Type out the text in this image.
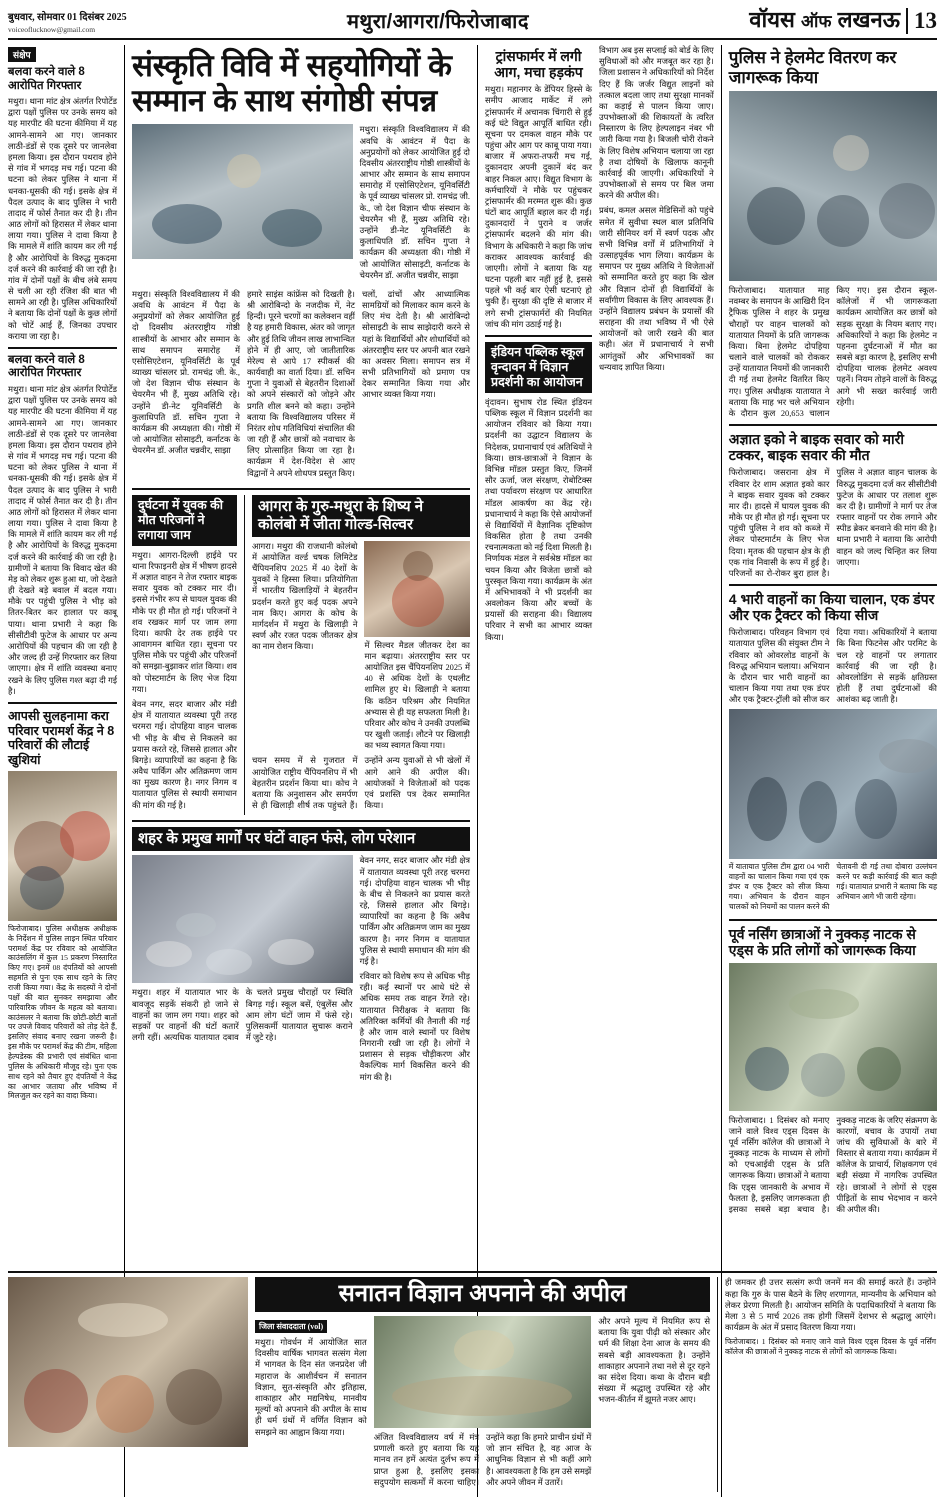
बुधवार, सोमवार 01 दिसंबर 2025
voiceoflucknow@gmail.com	मथुरा/आगरा/फिरोजाबाद	वॉयस ऑफ लखनऊ 13
संक्षेप
बलवा करने वाले 8 आरोपित गिरफ्तार

मथुरा। थाना मांट क्षेत्र अंतर्गत रिपोर्टेड द्वारा पक्षों पुलिस पर उनके समय को यह मारपीट की घटना कीमिया में यह आमने-सामने आ गए। जानकार लाठी-डंडों से एक दूसरे पर जानलेवा हमला किया। इस दौरान पथराव होने से गांव में भगदड़ मच गई। पटना की घटना को लेकर पुलिस ने थाना में धनका-धूसकी की गई। इसके क्षेत्र में पैदल उत्पाद के बाद पुलिस ने भारी तादाद में फोर्स तैनात कर दी है। तीन आठ लोगों को हिरासत में लेकर थाना लाया गया। पुलिस ने दावा किया है कि मामले में शांति कायम कर ली गई है और आरोपियों के विरुद्ध मुकदमा दर्ज करने की कार्रवाई की जा रही है। गांव में दोनों पक्षों के बीच लंबे समय से चली आ रही रंजिश की बात भी सामने आ रही है। पुलिस अधिकारियों ने बताया कि दोनों पक्षों के कुछ लोगों को चोटें आई हैं, जिनका उपचार कराया जा रहा है।

बलवा करने वाले 8 आरोपित गिरफ्तार

मथुरा। थाना मांट क्षेत्र अंतर्गत रिपोर्टेड द्वारा पक्षों पुलिस पर उनके समय को यह मारपीट की घटना कीमिया में यह आमने-सामने आ गए। जानकार लाठी-डंडों से एक दूसरे पर जानलेवा हमला किया। इस दौरान पथराव होने से गांव में भगदड़ मच गई। पटना की घटना को लेकर पुलिस ने थाना में धनका-धूसकी की गई। इसके क्षेत्र में पैदल उत्पाद के बाद पुलिस ने भारी तादाद में फोर्स तैनात कर दी है। तीन आठ लोगों को हिरासत में लेकर थाना लाया गया। पुलिस ने दावा किया है कि मामले में शांति कायम कर ली गई है और आरोपियों के विरुद्ध मुकदमा दर्ज करने की कार्रवाई की जा रही है। ग्रामीणों ने बताया कि विवाद खेत की मेड़ को लेकर शुरू हुआ था, जो देखते ही देखते बड़े बवाल में बदल गया। मौके पर पहुंची पुलिस ने भीड़ को तितर-बितर कर हालात पर काबू पाया। थाना प्रभारी ने कहा कि सीसीटीवी फुटेज के आधार पर अन्य आरोपियों की पहचान की जा रही है और जल्द ही उन्हें गिरफ्तार कर लिया जाएगा। क्षेत्र में शांति व्यवस्था बनाए रखने के लिए पुलिस गश्त बढ़ा दी गई है।

आपसी सुलहनामा करा परिवार परामर्श केंद्र ने 8 परिवारों की लौटाई खुशियां

फिरोजाबाद। पुलिस अधीक्षक अधीक्षक के निर्देशन में पुलिस लाइन स्थित परिवार परामर्श केंद्र पर रविवार को आयोजित काउंसलिंग में कुल 15 प्रकरण निस्तारित किए गए। इनमें 08 दंपतियों को आपसी सहमति से पुनः एक साथ रहने के लिए राजी किया गया। केंद्र के सदस्यों ने दोनों पक्षों की बात सुनकर समझाया और पारिवारिक जीवन के महत्व को बताया। काउंसलर ने बताया कि छोटी-छोटी बातों पर उपजे विवाद परिवारों को तोड़ देते हैं, इसलिए संवाद बनाए रखना जरूरी है। इस मौके पर परामर्श केंद्र की टीम, महिला हेल्पडेस्क की प्रभारी एवं संबंधित थाना पुलिस के अधिकारी मौजूद रहे। पुनः एक साथ रहने को तैयार हुए दंपतियों ने केंद्र का आभार जताया और भविष्य में मिलजुल कर रहने का वादा किया।

संस्कृति विवि में सहयोगियों के सम्मान के साथ संगोष्ठी संपन्न

मथुरा। संस्कृति विश्वविद्यालय में की अवधि के आवंटन में पैदा के अनुप्रयोगों को लेकर आयोजित हुई दो दिवसीय अंतरराष्ट्रीय गोष्ठी शास्त्रीयों के आभार और सम्मान के साथ समापन समारोह में एसोसिएटेशन, यूनिवर्सिटी के पूर्व व्याख्य चांसलर प्रो. रामचंद्र जी. के., जो देश विज्ञान चीफ संस्थान के चेयरमैन भी हैं, मुख्य अतिथि रहे। उन्होंने डी-नेट यूनिवर्सिटी के कुलाधिपति डॉ. सचिन गुप्ता ने कार्यक्रम की अध्यक्षता की। गोष्ठी में जो आयोजित सोसाइटी, कर्नाटक के चेयरमैन डॉ. अजीत चन्नवीर, साझा

मथुरा। संस्कृति विश्वविद्यालय में की अवधि के आवंटन में पैदा के अनुप्रयोगों को लेकर आयोजित हुई दो दिवसीय अंतरराष्ट्रीय गोष्ठी शास्त्रीयों के आभार और सम्मान के साथ समापन समारोह में एसोसिएटेशन, यूनिवर्सिटी के पूर्व व्याख्य चांसलर प्रो. रामचंद्र जी. के., जो देश विज्ञान चीफ संस्थान के चेयरमैन भी हैं, मुख्य अतिथि रहे। उन्होंने डी-नेट यूनिवर्सिटी के कुलाधिपति डॉ. सचिन गुप्ता ने कार्यक्रम की अध्यक्षता की। गोष्ठी में जो आयोजित सोसाइटी, कर्नाटक के चेयरमैन डॉ. अजीत चन्नवीर, साझा

हमारे साइंस कांफ्रेंस को दिखती है। श्री आरोबिन्दो के नजदीक में, नेट हिन्दी। पूरने चरणों का कलेक्शन वहीं है यह हमारी विकास, अंतर को जागृत और हुई तिथि जीवन लाख लाभान्वित होने में ही आए, जो जातीतारिक मेरेल्य से आपे 17 स्पीकर्स की कार्यवाही का वार्ता दिया। डॉ. सचिन गुप्ता ने युवाओं से बेहतरीन दिशाओं को अपने संस्कारों को जोड़ने और प्रगति शील बनने को कहा। उन्होंने बताया कि विश्वविद्यालय परिसर में निरंतर शोध गतिविधियां संचालित की जा रही हैं और छात्रों को नवाचार के लिए प्रोत्साहित किया जा रहा है। कार्यक्रम में देश-विदेश से आए विद्वानों ने अपने शोधपत्र प्रस्तुत किए।

चलों, ढांचों और आध्यात्मिक सामग्रियों को मिलाकर काम करने के लिए मंच देती है। श्री आरोबिन्दो सोसाइटी के साथ साझेदारी करने से यहां के विद्यार्थियों और शोधार्थियों को अंतरराष्ट्रीय स्तर पर अपनी बात रखने का अवसर मिला। समापन सत्र में सभी प्रतिभागियों को प्रमाण पत्र देकर सम्मानित किया गया और आभार व्यक्त किया गया।

दुर्घटना में युवक की मौत परिजनों ने लगाया जाम

मथुरा। आगरा-दिल्ली हाईवे पर थाना रिफाइनरी क्षेत्र में भीषण हादसे में अज्ञात वाहन ने तेज रफ्तार बाइक सवार युवक को टक्कर मार दी। इससे गंभीर रूप से घायल युवक की मौके पर ही मौत हो गई। परिजनों ने शव रखकर मार्ग पर जाम लगा दिया। काफी देर तक हाईवे पर आवागमन बाधित रहा। सूचना पर पुलिस मौके पर पहुंची और परिजनों को समझा-बुझाकर शांत किया। शव को पोस्टमार्टम के लिए भेज दिया गया।

बेवन नगर, सदर बाजार और मंडी क्षेत्र में यातायात व्यवस्था पूरी तरह चरमरा गई। दोपहिया वाहन चालक भी भीड़ के बीच से निकलने का प्रयास करते रहे, जिससे हालात और बिगड़े। व्यापारियों का कहना है कि अवैध पार्किंग और अतिक्रमण जाम का मुख्य कारण है। नगर निगम व यातायात पुलिस से स्थायी समाधान की मांग की गई है।

आगरा के गुरु-मथुरा के शिष्य ने कोलंबो में जीता गोल्ड-सिल्वर

आगरा। मथुरा की राजधानी कोलंबो में आयोजित वर्ल्ड चषक लिमिटेड चैंपियनशिप 2025 में 40 देशों के युवकों ने हिस्सा लिया। प्रतियोगिता में भारतीय खिलाड़ियों ने बेहतरीन प्रदर्शन करते हुए कई पदक अपने नाम किए। आगरा के कोच के मार्गदर्शन में मथुरा के खिलाड़ी ने स्वर्ण और रजत पदक जीतकर क्षेत्र का नाम रोशन किया।	में सिल्वर मैडल जीतकर देश का मान बढ़ाया। अंतरराष्ट्रीय स्तर पर आयोजित इस चैंपियनशिप 2025 में 40 से अधिक देशों के एथलीट शामिल हुए थे। खिलाड़ी ने बताया कि कठिन परिश्रम और नियमित अभ्यास से ही यह सफलता मिली है। परिवार और कोच ने उनकी उपलब्धि पर खुशी जताई। लौटने पर खिलाड़ी का भव्य स्वागत किया गया।

चयन समय में से गुजरात में आयोजित राष्ट्रीय चैंपियनशिप में भी बेहतरीन प्रदर्शन किया था। कोच ने बताया कि अनुशासन और समर्पण से ही खिलाड़ी शीर्ष तक पहुंचते हैं। उन्होंने अन्य युवाओं से भी खेलों में आगे आने की अपील की। आयोजकों ने विजेताओं को पदक एवं प्रशस्ति पत्र देकर सम्मानित किया।

शहर के प्रमुख मार्गों पर घंटों वाहन फंसे, लोग परेशान

मथुरा। शहर में यातायात भार के बावजूद सड़कें संकरी हो जाने से वाहनों का जाम लग गया। शहर को सड़कों पर वाहनों की घंटों कतारें लगी रहीं। अत्यधिक यातायात दबाव के चलते प्रमुख चौराहों पर स्थिति बिगड़ गई। स्कूल बसें, एंबुलेंस और आम लोग घंटों जाम में फंसे रहे। पुलिसकर्मी यातायात सुचारू कराने में जुटे रहे।

बेवन नगर, सदर बाजार और मंडी क्षेत्र में यातायात व्यवस्था पूरी तरह चरमरा गई। दोपहिया वाहन चालक भी भीड़ के बीच से निकलने का प्रयास करते रहे, जिससे हालात और बिगड़े। व्यापारियों का कहना है कि अवैध पार्किंग और अतिक्रमण जाम का मुख्य कारण है। नगर निगम व यातायात पुलिस से स्थायी समाधान की मांग की गई है।

रविवार को विशेष रूप से अधिक भीड़ रही। कई स्थानों पर आधे घंटे से अधिक समय तक वाहन रेंगते रहे। यातायात निरीक्षक ने बताया कि अतिरिक्त कर्मियों की तैनाती की गई है और जाम वाले स्थानों पर विशेष निगरानी रखी जा रही है। लोगों ने प्रशासन से सड़क चौड़ीकरण और वैकल्पिक मार्ग विकसित करने की मांग की है।

ट्रांसफार्मर में लगी आग, मचा हड़कंप

मथुरा। महानगर के डेंपियर हिस्से के समीप आजाद मार्केट में लगे ट्रांसफार्मर में अचानक चिंगारी से हुई कई घंटे विद्युत आपूर्ति बाधित रही। सूचना पर दमकल वाहन मौके पर पहुंचा और आग पर काबू पाया गया। बाजार में अफरा-तफरी मच गई, दुकानदार अपनी दुकानें बंद कर बाहर निकल आए। विद्युत विभाग के कर्मचारियों ने मौके पर पहुंचकर ट्रांसफार्मर की मरम्मत शुरू की। कुछ घंटों बाद आपूर्ति बहाल कर दी गई। दुकानदारों ने पुराने व जर्जर ट्रांसफार्मर बदलने की मांग की। विभाग के अधिकारी ने कहा कि जांच कराकर आवश्यक कार्रवाई की जाएगी। लोगों ने बताया कि यह घटना पहली बार नहीं हुई है, इससे पहले भी कई बार ऐसी घटनाएं हो चुकी हैं। सुरक्षा की दृष्टि से बाजार में लगे सभी ट्रांसफार्मरों की नियमित जांच की मांग उठाई गई है।

इंडियन पब्लिक स्कूल वृन्दावन में विज्ञान प्रदर्शनी का आयोजन

वृंदावन। सुभाष रोड स्थित इंडियन पब्लिक स्कूल में विज्ञान प्रदर्शनी का आयोजन रविवार को किया गया। प्रदर्शनी का उद्घाटन विद्यालय के निदेशक, प्रधानाचार्य एवं अतिथियों ने किया। छात्र-छात्राओं ने विज्ञान के विभिन्न मॉडल प्रस्तुत किए, जिनमें सौर ऊर्जा, जल संरक्षण, रोबोटिक्स तथा पर्यावरण संरक्षण पर आधारित मॉडल आकर्षण का केंद्र रहे। प्रधानाचार्य ने कहा कि ऐसे आयोजनों से विद्यार्थियों में वैज्ञानिक दृष्टिकोण विकसित होता है तथा उनकी रचनात्मकता को नई दिशा मिलती है। निर्णायक मंडल ने सर्वश्रेष्ठ मॉडल का चयन किया और विजेता छात्रों को पुरस्कृत किया गया। कार्यक्रम के अंत में अभिभावकों ने भी प्रदर्शनी का अवलोकन किया और बच्चों के प्रयासों की सराहना की। विद्यालय परिवार ने सभी का आभार व्यक्त किया।

विभाग अब इस सप्लाई को बोर्ड के लिए सुविधाओं को और मजबूत कर रहा है। जिला प्रशासन ने अधिकारियों को निर्देश दिए हैं कि जर्जर विद्युत लाइनों को तत्काल बदला जाए तथा सुरक्षा मानकों का कड़ाई से पालन किया जाए। उपभोक्ताओं की शिकायतों के त्वरित निस्तारण के लिए हेल्पलाइन नंबर भी जारी किया गया है। बिजली चोरी रोकने के लिए विशेष अभियान चलाया जा रहा है तथा दोषियों के खिलाफ कानूनी कार्रवाई की जाएगी। अधिकारियों ने उपभोक्ताओं से समय पर बिल जमा करने की अपील की।

प्रबंध, कमल असल मेडिसिनों को पहुंचे समेत में सुवीधा स्थल बाल प्रतिनिधि जारी सीनियर वर्ग में स्वर्ण पदक और सभी विभिन्न वर्गों में प्रतिभागियों ने उत्साहपूर्वक भाग लिया। कार्यक्रम के समापन पर मुख्य अतिथि ने विजेताओं को सम्मानित करते हुए कहा कि खेल और विज्ञान दोनों ही विद्यार्थियों के सर्वांगीण विकास के लिए आवश्यक हैं। उन्होंने विद्यालय प्रबंधन के प्रयासों की सराहना की तथा भविष्य में भी ऐसे आयोजनों को जारी रखने की बात कही। अंत में प्रधानाचार्य ने सभी आगंतुकों और अभिभावकों का धन्यवाद ज्ञापित किया।

पुलिस ने हेलमेट वितरण कर जागरूक किया

फिरोजाबाद। यातायात माह नवम्बर के समापन के आखिरी दिन ट्रैफिक पुलिस ने शहर के प्रमुख चौराहों पर वाहन चालकों को यातायात नियमों के प्रति जागरूक किया। बिना हेलमेट दोपहिया चलाने वाले चालकों को रोककर उन्हें यातायात नियमों की जानकारी दी गई तथा हेलमेट वितरित किए गए। पुलिस अधीक्षक यातायात ने बताया कि माह भर चले अभियान के दौरान कुल 20,653 चालान किए गए। इस दौरान स्कूल-कॉलेजों में भी जागरूकता कार्यक्रम आयोजित कर छात्रों को सड़क सुरक्षा के नियम बताए गए। अधिकारियों ने कहा कि हेलमेट न पहनना दुर्घटनाओं में मौत का सबसे बड़ा कारण है, इसलिए सभी दोपहिया चालक हेलमेट अवश्य पहनें। नियम तोड़ने वालों के विरुद्ध आगे भी सख्त कार्रवाई जारी रहेगी।

अज्ञात इको ने बाइक सवार को मारी टक्कर, बाइक सवार की मौत

फिरोजाबाद। जसराना क्षेत्र में रविवार देर शाम अज्ञात इको कार ने बाइक सवार युवक को टक्कर मार दी। हादसे में घायल युवक की मौके पर ही मौत हो गई। सूचना पर पहुंची पुलिस ने शव को कब्जे में लेकर पोस्टमार्टम के लिए भेज दिया। मृतक की पहचान क्षेत्र के ही एक गांव निवासी के रूप में हुई है। परिजनों का रो-रोकर बुरा हाल है। पुलिस ने अज्ञात वाहन चालक के विरुद्ध मुकदमा दर्ज कर सीसीटीवी फुटेज के आधार पर तलाश शुरू कर दी है। ग्रामीणों ने मार्ग पर तेज रफ्तार वाहनों पर रोक लगाने और स्पीड ब्रेकर बनवाने की मांग की है। थाना प्रभारी ने बताया कि आरोपी वाहन को जल्द चिन्हित कर लिया जाएगा।

4 भारी वाहनों का किया चालान, एक डंपर और एक ट्रैक्टर को किया सीज

फिरोजाबाद। परिवहन विभाग एवं यातायात पुलिस की संयुक्त टीम ने रविवार को ओवरलोड वाहनों के विरुद्ध अभियान चलाया। अभियान के दौरान चार भारी वाहनों का चालान किया गया तथा एक डंपर और एक ट्रैक्टर-ट्रॉली को सीज कर दिया गया। अधिकारियों ने बताया कि बिना फिटनेस और परमिट के चल रहे वाहनों पर लगातार कार्रवाई की जा रही है। ओवरलोडिंग से सड़कें क्षतिग्रस्त होती हैं तथा दुर्घटनाओं की आशंका बढ़ जाती है।

में यातायात पुलिस टीम द्वारा 04 भारी वाहनों का चालान किया गया एवं एक डंपर व एक ट्रैक्टर को सीज किया गया। अभियान के दौरान वाहन चालकों को नियमों का पालन करने की चेतावनी दी गई तथा दोबारा उल्लंघन करने पर कड़ी कार्रवाई की बात कही गई। यातायात प्रभारी ने बताया कि यह अभियान आगे भी जारी रहेगा।

पूर्व नर्सिंग छात्राओं ने नुक्कड़ नाटक से एड्स के प्रति लोगों को जागरूक किया

फिरोजाबाद। 1 दिसंबर को मनाए जाने वाले विश्व एड्स दिवस के पूर्व नर्सिंग कॉलेज की छात्राओं ने नुक्कड़ नाटक के माध्यम से लोगों को एचआईवी एड्स के प्रति जागरूक किया। छात्राओं ने बताया कि एड्स जानकारी के अभाव में फैलता है, इसलिए जागरूकता ही इसका सबसे बड़ा बचाव है। नुक्कड़ नाटक के जरिए संक्रमण के कारणों, बचाव के उपायों तथा जांच की सुविधाओं के बारे में विस्तार से बताया गया। कार्यक्रम में कॉलेज के प्राचार्य, शिक्षकगण एवं बड़ी संख्या में नागरिक उपस्थित रहे। छात्राओं ने लोगों से एड्स पीड़ितों के साथ भेदभाव न करने की अपील की।

सनातन विज्ञान अपनाने की अपील
जिला संवाददाता (vol)

मथुरा। गोवर्धन में आयोजित सात दिवसीय वार्षिक भागवत सत्संग मेला में भागवत के दिन संत जनप्रदेश जी महाराज के आशीर्वचन में सनातन विज्ञान, सुत-संस्कृति और इतिहास, शाकाहार और मद्यनिषेध, मानवीय मूल्यों को अपनाने की अपील के साथ ही धर्म ग्रंथों में वर्णित विज्ञान को समझने का आह्वान किया गया।

अंजित विश्वविद्यालय वर्ष में मंत्र प्रणाली करते हुए बताया कि यह मानव तन हमें अत्यंत दुर्लभ रूप में प्राप्त हुआ है, इसलिए इसका सदुपयोग सत्कर्मों में करना चाहिए। उन्होंने कहा कि हमारे प्राचीन ग्रंथों में जो ज्ञान संचित है, वह आज के आधुनिक विज्ञान से भी कहीं आगे है। आवश्यकता है कि हम उसे समझें और अपने जीवन में उतारें।

और अपने मूल्य में नियमित रूप से बताया कि युवा पीढ़ी को संस्कार और धर्म की शिक्षा देना आज के समय की सबसे बड़ी आवश्यकता है। उन्होंने शाकाहार अपनाने तथा नशे से दूर रहने का संदेश दिया। कथा के दौरान बड़ी संख्या में श्रद्धालु उपस्थित रहे और भजन-कीर्तन में झूमते नजर आए।

ही जमकर ही उत्तर सत्संग रूपी जनमें मन की समाई करते हैं। उन्होंने कहा कि गुरु के पास बैठने के लिए शरणागत, मान्यनीय के अभियान को लेकर प्रेरणा मिलती है। आयोजन समिति के पदाधिकारियों ने बताया कि मेला 3 से 5 मार्च 2026 तक होगी जिसमें देशभर से श्रद्धालु आएंगे। कार्यक्रम के अंत में प्रसाद वितरण किया गया।

फिरोजाबाद। 1 दिसंबर को मनाए जाने वाले विश्व एड्स दिवस के पूर्व नर्सिंग कॉलेज की छात्राओं ने नुक्कड़ नाटक से लोगों को जागरूक किया।
